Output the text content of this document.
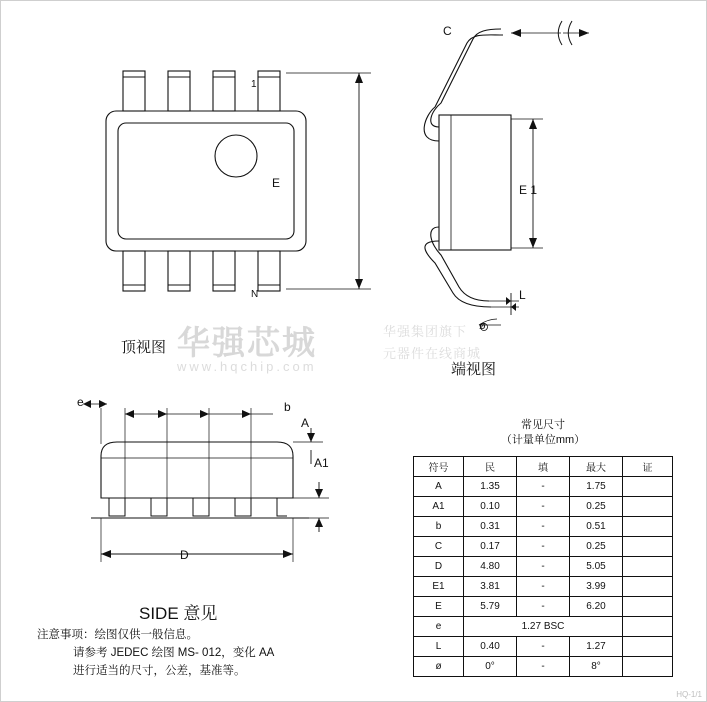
E
1
N
顶视图
C
E 1
L
ø
端视图
e	b
A
A1
D
SIDE 意见
注意事项：绘图仅供一般信息。
请参考 JEDEC 绘图 MS- 012，变化 AA
进行适当的尺寸，公差，基准等。
华强芯城
www.hqchip.com
华强集团旗下
元器件在线商城
常见尺寸
（计量单位mm）
符号	民	填	最大	证
A	1.35	-	1.75	
A1	0.10	-	0.25	
b	0.31	-	0.51	
C	0.17	-	0.25	
D	4.80	-	5.05	
E1	3.81	-	3.99	
E	5.79	-	6.20	
e	1.27 BSC			
L	0.40	-	1.27	
ø	0°	-	8°	
HQ-1/1
